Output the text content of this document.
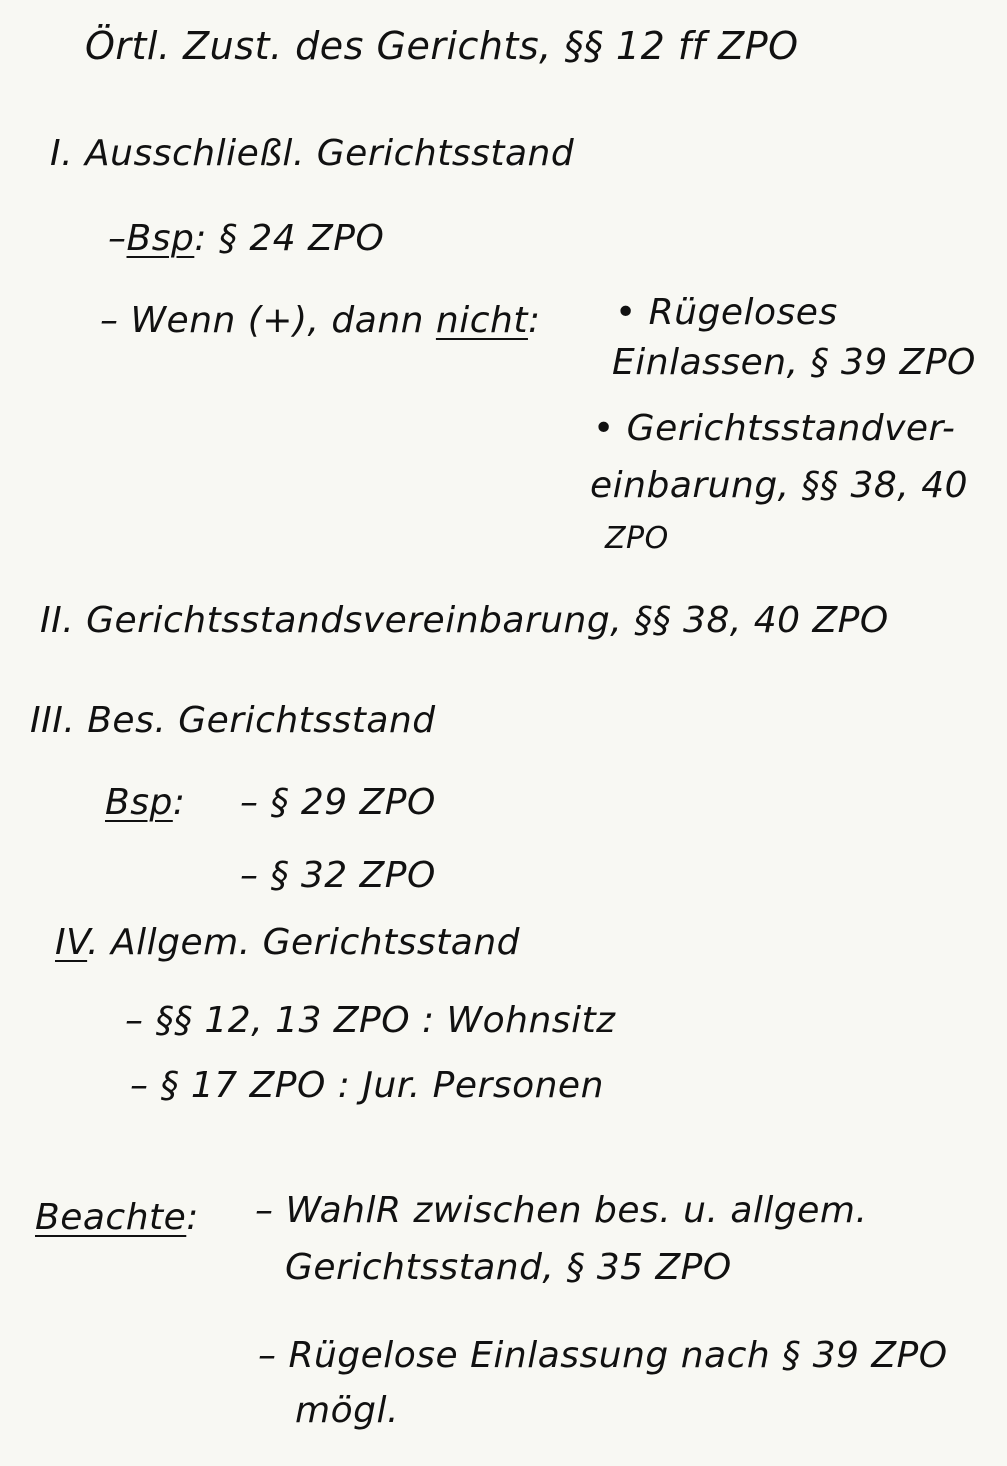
Örtl. Zust. des Gerichts, §§ 12 ff ZPO
I. Ausschließl. Gerichtsstand
–Bsp: § 24 ZPO
– Wenn (+), dann nicht: • Rügeloses
Einlassen, § 39 ZPO
• Gerichtsstandver-
einbarung, §§ 38, 40
ZPO
II. Gerichtsstandsvereinbarung, §§ 38, 40 ZPO
III. Bes. Gerichtsstand
Bsp: – § 29 ZPO
– § 32 ZPO
IV. Allgem. Gerichtsstand
– §§ 12, 13 ZPO : Wohnsitz
– § 17 ZPO : Jur. Personen
Beachte: – WahlR zwischen bes. u. allgem.
Gerichtsstand, § 35 ZPO
– Rügelose Einlassung nach § 39 ZPO
mögl.
